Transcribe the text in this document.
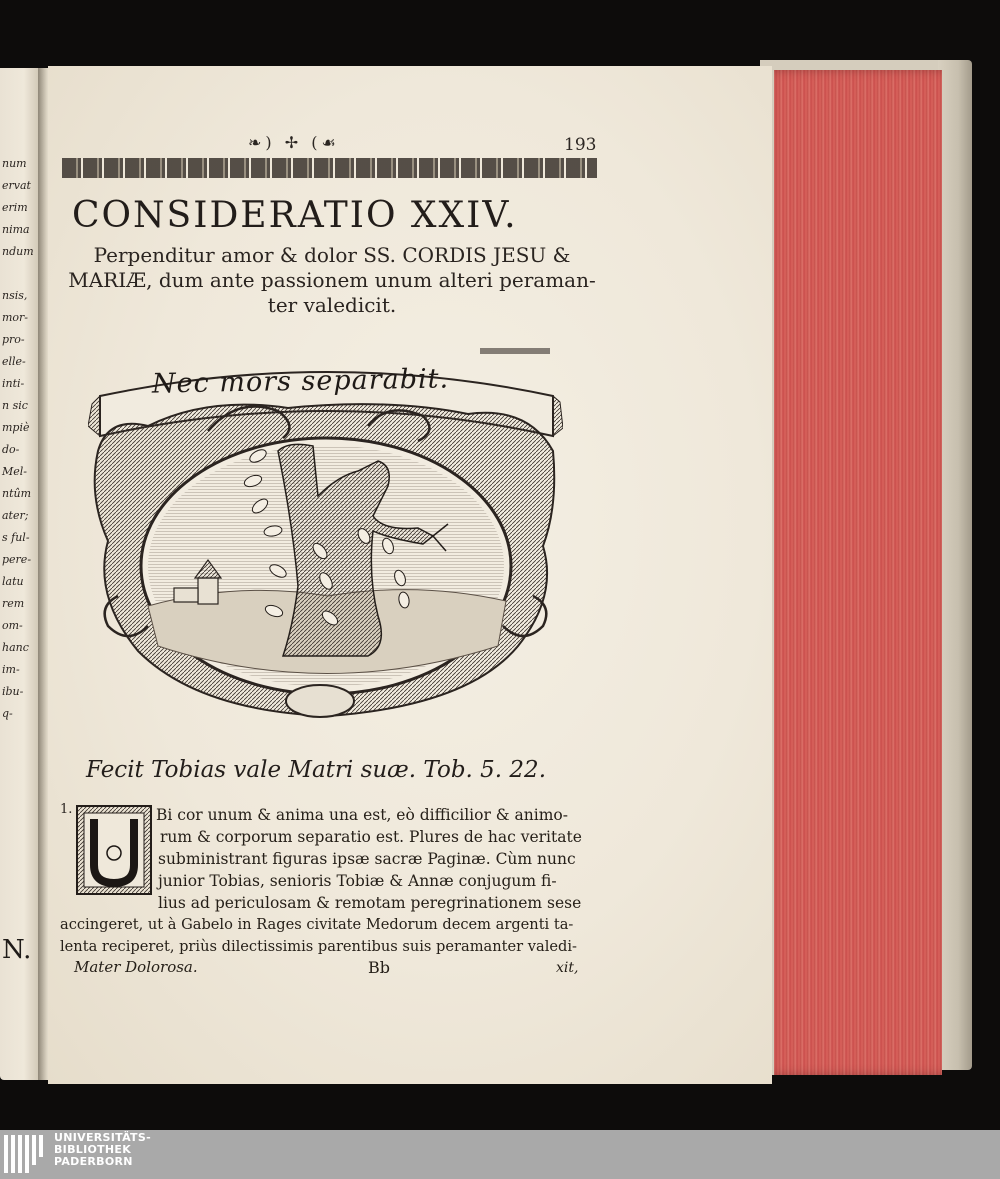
num
ervat
erim
nima
ndum
nsis,
mor-
pro-
elle-
inti-
n sic
mpiè
do-
Mel-
ntûm
ater;
s ful-
pere-
latu
rem
om-
hanc
im-
ibu-
q-
N.
❧) ✢ (☙	193
CONSIDERATIO XXIV.
Perpenditur amor & dolor SS. CORDIS JESU &
MARIÆ, dum ante passionem unum alteri peraman-
ter valedicit.
Nec mors separabit.
Fecit Tobias vale Matri suæ. Tob. 5. 22.
1.	Bi cor unum & anima una est, eò difficilior & animo-
rum & corporum separatio est. Plures de hac veritate
subministrant figuras ipsæ sacræ Paginæ. Cùm nunc
junior Tobias, senioris Tobiæ & Annæ conjugum fi-
lius ad periculosam & remotam peregrinationem sese
accingeret, ut à Gabelo in Rages civitate Medorum decem argenti ta-
lenta reciperet, priùs dilectissimis parentibus suis peramanter valedi-
Mater Dolorosa.	Bb	xit,
UNIVERSITÄTS-
BIBLIOTHEK
PADERBORN
